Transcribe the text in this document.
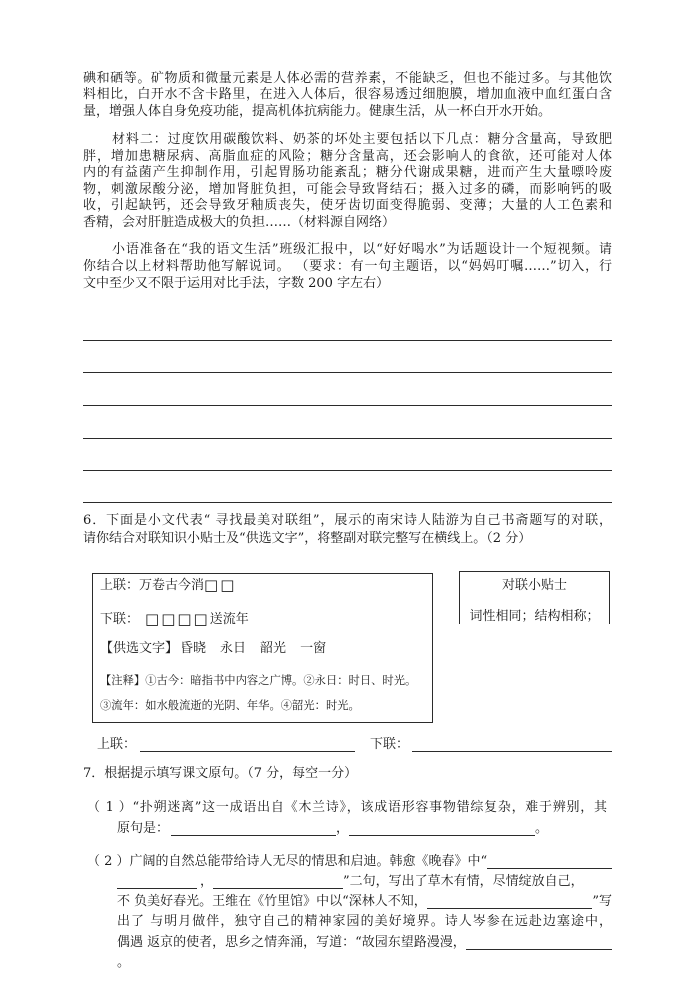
碘和硒等。矿物质和微量元素是人体必需的营养素，不能缺乏，但也不能过多。与其他饮
料相比，白开水不含卡路里，在进入人体后，很容易透过细胞膜，增加血液中血红蛋白含
量，增强人体自身免疫功能，提高机体抗病能力。健康生活，从一杯白开水开始。
材料二：过度饮用碳酸饮料、奶茶的坏处主要包括以下几点：糖分含量高，导致肥
胖，增加患糖尿病、高脂血症的风险；糖分含量高，还会影响人的食欲，还可能对人体
内的有益菌产生抑制作用，引起胃肠功能紊乱；糖分代谢成果糖，进而产生大量嘌呤废
物，刺激尿酸分泌，增加肾脏负担，可能会导致肾结石；摄入过多的磷，而影响钙的吸
收，引起缺钙，还会导致牙釉质丧失，使牙齿切面变得脆弱、变薄；大量的人工色素和
香精，会对肝脏造成极大的负担……（材料源自网络）
小语准备在“我的语文生活”班级汇报中，以“好好喝水”为话题设计一个短视频。请
你结合以上材料帮助他写解说词。 （要求：有一句主题语，以“妈妈叮嘱……”切入，行
文中至少又不限于运用对比手法，字数 200 字左右）
6．下面是小文代表“ 寻找最美对联组”，展示的南宋诗人陆游为自己书斋题写的对联，
请你结合对联知识小贴士及“供选文字”，将整副对联完整写在横线上。（2 分）
上联：万卷古今消□□
下联： □□□□送流年
【供选文字】 昏晓 永日 韶光 一窗
【注释】①古今：暗指书中内容之广博。②永日：时日、时光。
③流年：如水般流逝的光阴、年华。④韶光：时光。
对联小贴士
词性相同；结构相称；
上联：	下联：
7．根据提示填写课文原句。（7 分，每空一分）
（ 1 ）“扑朔迷离”这一成语出自《木兰诗》，该成语形容事物错综复杂，难于辨别，其
原句是：	，	。
（ 2 ）广阔的自然总能带给诗人无尽的情思和启迪。韩愈《晚春》中“
，	”二句，写出了草木有情，尽情绽放自己，
不 负美好春光。王维在《竹里馆》中以“深林人不知，	”写
出了 与明月做伴，独守自己的精神家园的美好境界。诗人岑参在远赴边塞途中，
偶遇 返京的使者，思乡之情奔涌，写道：“故园东望路漫漫，
。
